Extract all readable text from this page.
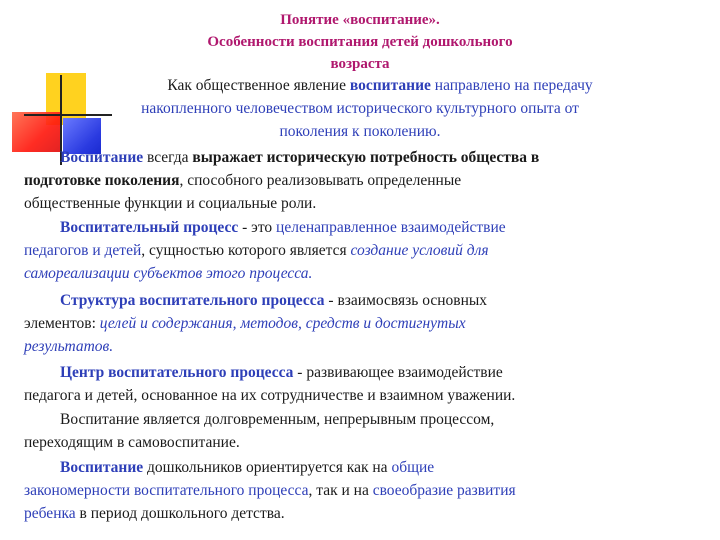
Понятие «воспитание».
Особенности воспитания детей дошкольного
возраста
Как общественное явление воспитание направлено на передачу
накопленного человечеством исторического культурного опыта от
поколения к поколению.
Воспитание всегда выражает историческую потребность общества в
подготовке поколения, способного реализовывать определенные
общественные функции и социальные роли.
Воспитательный процесс - это целенаправленное взаимодействие
педагогов и детей, сущностью которого является создание условий для
самореализации субъектов этого процесса.
Структура воспитательного процесса - взаимосвязь основных
элементов: целей и содержания, методов, средств и достигнутых
результатов.
Центр воспитательного процесса - развивающее взаимодействие
педагога и детей, основанное на их сотрудничестве и взаимном уважении.
Воспитание является долговременным, непрерывным процессом,
переходящим в самовоспитание.
Воспитание дошкольников ориентируется как на общие
закономерности воспитательного процесса, так и на своеобразие развития
ребенка в период дошкольного детства.
